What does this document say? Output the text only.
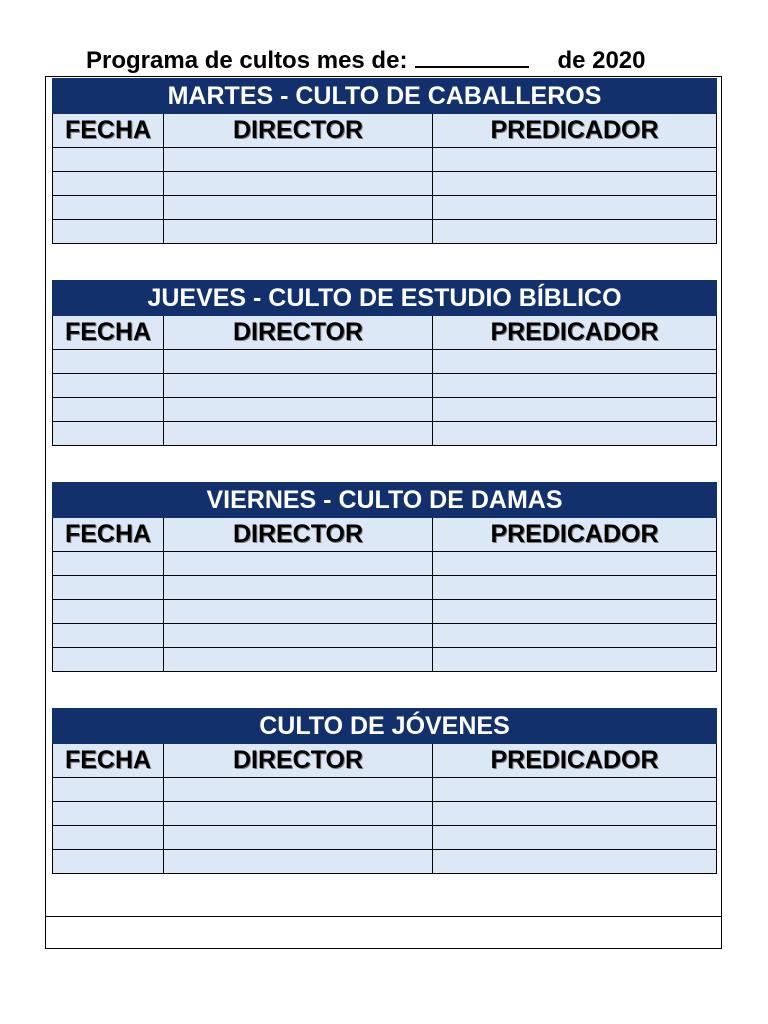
Programa de cultos mes de:	de 2020
MARTES - CULTO DE CABALLEROS		
FECHA	DIRECTOR	PREDICADOR

JUEVES - CULTO DE ESTUDIO BÍBLICO		
FECHA	DIRECTOR	PREDICADOR

VIERNES - CULTO DE DAMAS		
FECHA	DIRECTOR	PREDICADOR

CULTO DE JÓVENES		
FECHA	DIRECTOR	PREDICADOR
